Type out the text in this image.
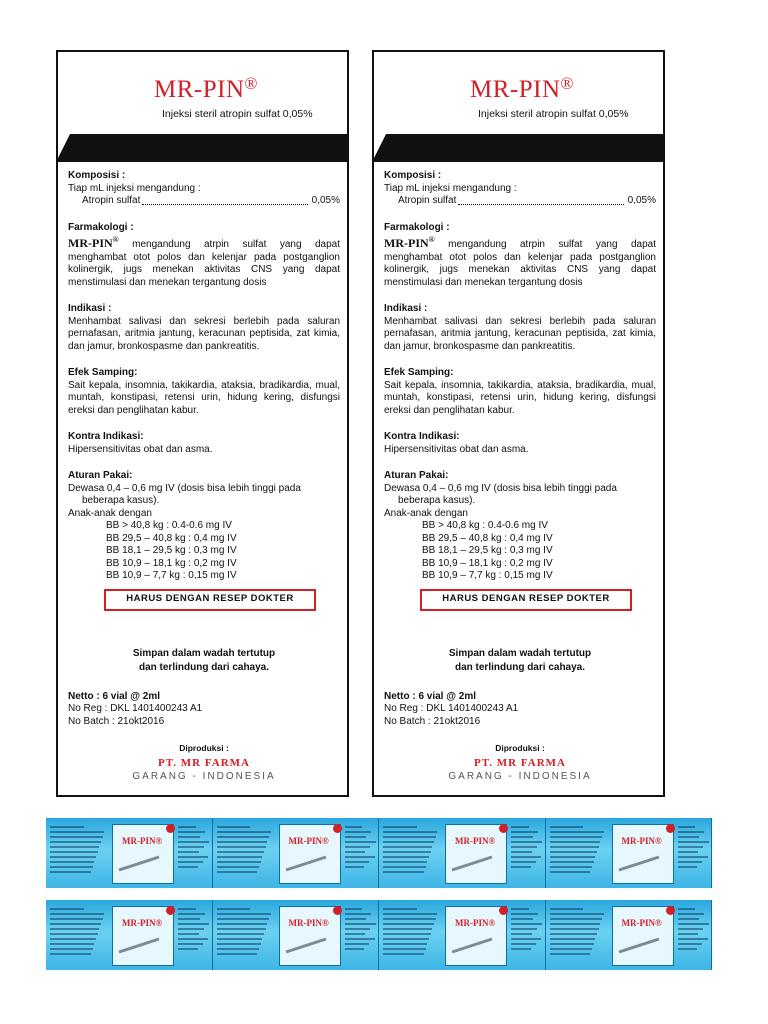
MR-PIN®
Injeksi steril atropin sulfat 0,05%
Komposisi :
Tiap mL injeksi mengandung :
Atropin sulfat	0,05%
Farmakologi :
MR-PIN® mengandung atrpin sulfat yang dapat menghambat otot polos dan kelenjar pada postganglion kolinergik, jugs menekan aktivitas CNS yang dapat menstimulasi dan menekan tergantung dosis
Indikasi :
Menhambat salivasi dan sekresi berlebih pada saluran pernafasan, aritmia jantung, keracunan peptisida, zat kimia, dan jamur, bronkospasme dan pankreatitis.
Efek Samping:
Sait kepala, insomnia, takikardia, ataksia, bradikardia, mual, muntah, konstipasi, retensi urin, hidung kering, disfungsi ereksi dan penglihatan kabur.
Kontra Indikasi:
Hipersensitivitas obat dan asma.
Aturan Pakai:
Dewasa 0,4 – 0,6 mg IV (dosis bisa lebih tinggi pada
beberapa kasus).
Anak-anak dengan
BB > 40,8 kg : 0.4-0.6 mg IV
BB 29,5 – 40,8 kg : 0,4 mg IV
BB 18,1 – 29,5 kg : 0,3 mg IV
BB 10,9 – 18,1 kg : 0,2 mg IV
BB 10,9 – 7,7 kg : 0,15 mg IV
HARUS DENGAN RESEP DOKTER
Simpan dalam wadah tertutup
dan terlindung dari cahaya.
Netto : 6 vial @ 2ml
No Reg : DKL 1401400243 A1
No Batch : 21okt2016
Diproduksi :
PT. MR FARMA
GARANG - INDONESIA
MR-PIN®
Injeksi steril atropin sulfat 0,05%
Komposisi :
Tiap mL injeksi mengandung :
Atropin sulfat	0,05%
Farmakologi :
MR-PIN® mengandung atrpin sulfat yang dapat menghambat otot polos dan kelenjar pada postganglion kolinergik, jugs menekan aktivitas CNS yang dapat menstimulasi dan menekan tergantung dosis
Indikasi :
Menhambat salivasi dan sekresi berlebih pada saluran pernafasan, aritmia jantung, keracunan peptisida, zat kimia, dan jamur, bronkospasme dan pankreatitis.
Efek Samping:
Sait kepala, insomnia, takikardia, ataksia, bradikardia, mual, muntah, konstipasi, retensi urin, hidung kering, disfungsi ereksi dan penglihatan kabur.
Kontra Indikasi:
Hipersensitivitas obat dan asma.
Aturan Pakai:
Dewasa 0,4 – 0,6 mg IV (dosis bisa lebih tinggi pada
beberapa kasus).
Anak-anak dengan
BB > 40,8 kg : 0.4-0.6 mg IV
BB 29,5 – 40,8 kg : 0,4 mg IV
BB 18,1 – 29,5 kg : 0,3 mg IV
BB 10,9 – 18,1 kg : 0,2 mg IV
BB 10,9 – 7,7 kg : 0,15 mg IV
HARUS DENGAN RESEP DOKTER
Simpan dalam wadah tertutup
dan terlindung dari cahaya.
Netto : 6 vial @ 2ml
No Reg : DKL 1401400243 A1
No Batch : 21okt2016
Diproduksi :
PT. MR FARMA
GARANG - INDONESIA
MR-PIN®	MR-PIN®	MR-PIN®	MR-PIN®
MR-PIN®	MR-PIN®	MR-PIN®	MR-PIN®
